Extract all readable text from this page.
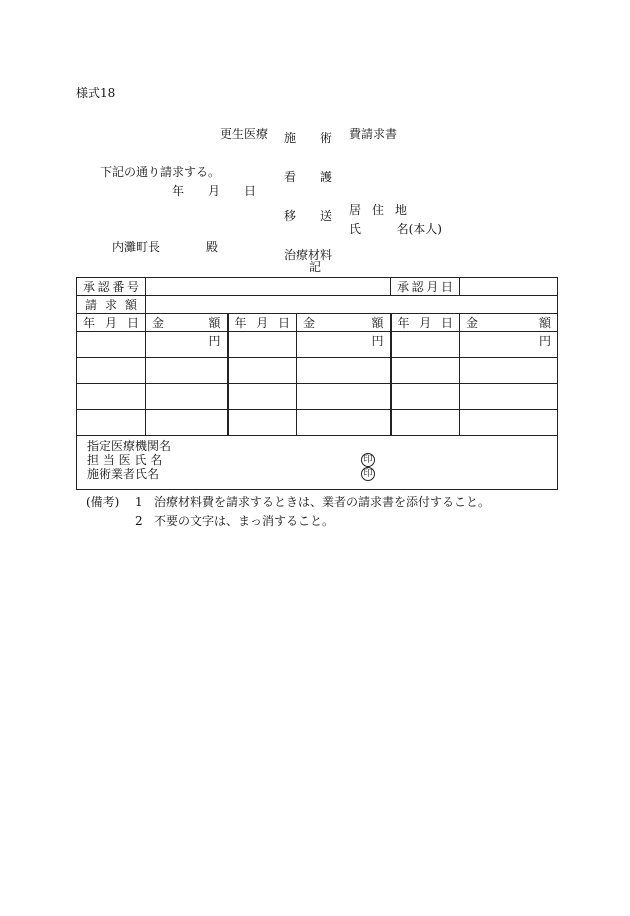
様式18
更生医療

施　　術

看　　護

移　　送

治療材料

費請求書
下記の通り請求する。
年 月 日
居 住 地
氏	名(本人)
内灘町長	殿
記
承 認 番 号				承 認 月 日	

請 求 額					

年 月 日	金 額	年 月 日	金 額	年 月 日	金 額

	円		円		円

指定医療機関名
担 当 医 氏 名 印
施術業者氏名 印					
(備考) 1 治療材料費を請求するときは、業者の請求書を添付すること。
2 不要の文字は、まっ消すること。
